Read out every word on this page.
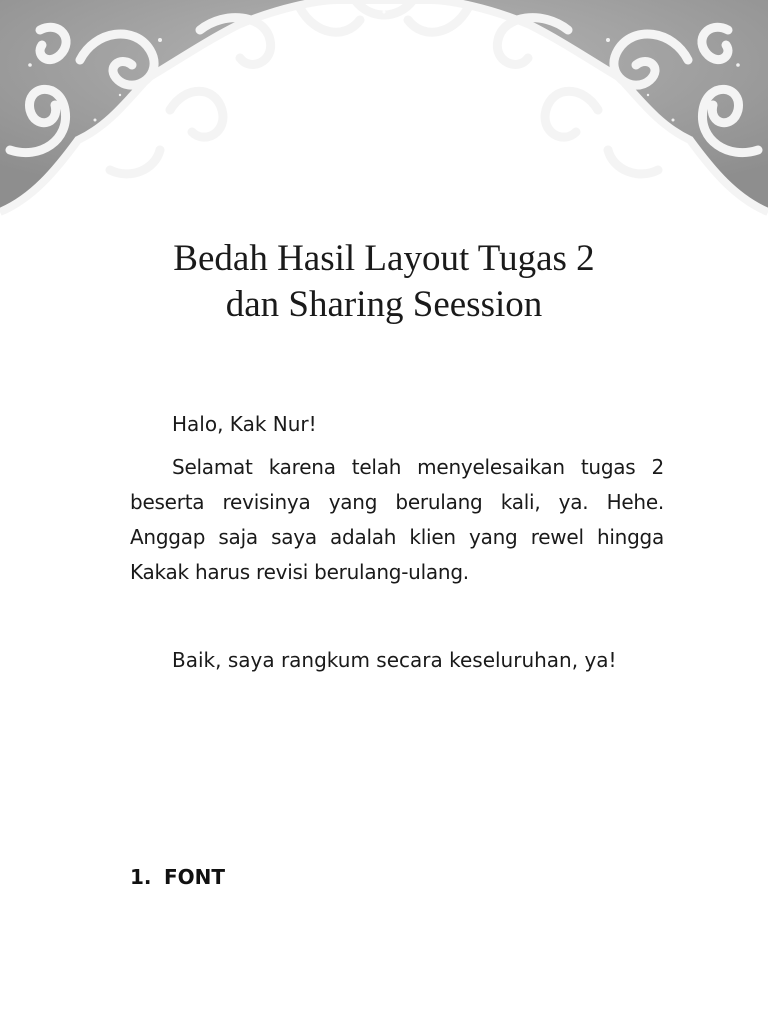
Bedah Hasil Layout Tugas 2
dan Sharing Seession

Halo, Kak Nur!

Selamat karena telah menyelesaikan tugas 2 beserta revisinya yang berulang kali, ya. Hehe. Anggap saja saya adalah klien yang rewel hingga Kakak harus revisi berulang-ulang.

Baik, saya rangkum secara keseluruhan, ya!

1. FONT
